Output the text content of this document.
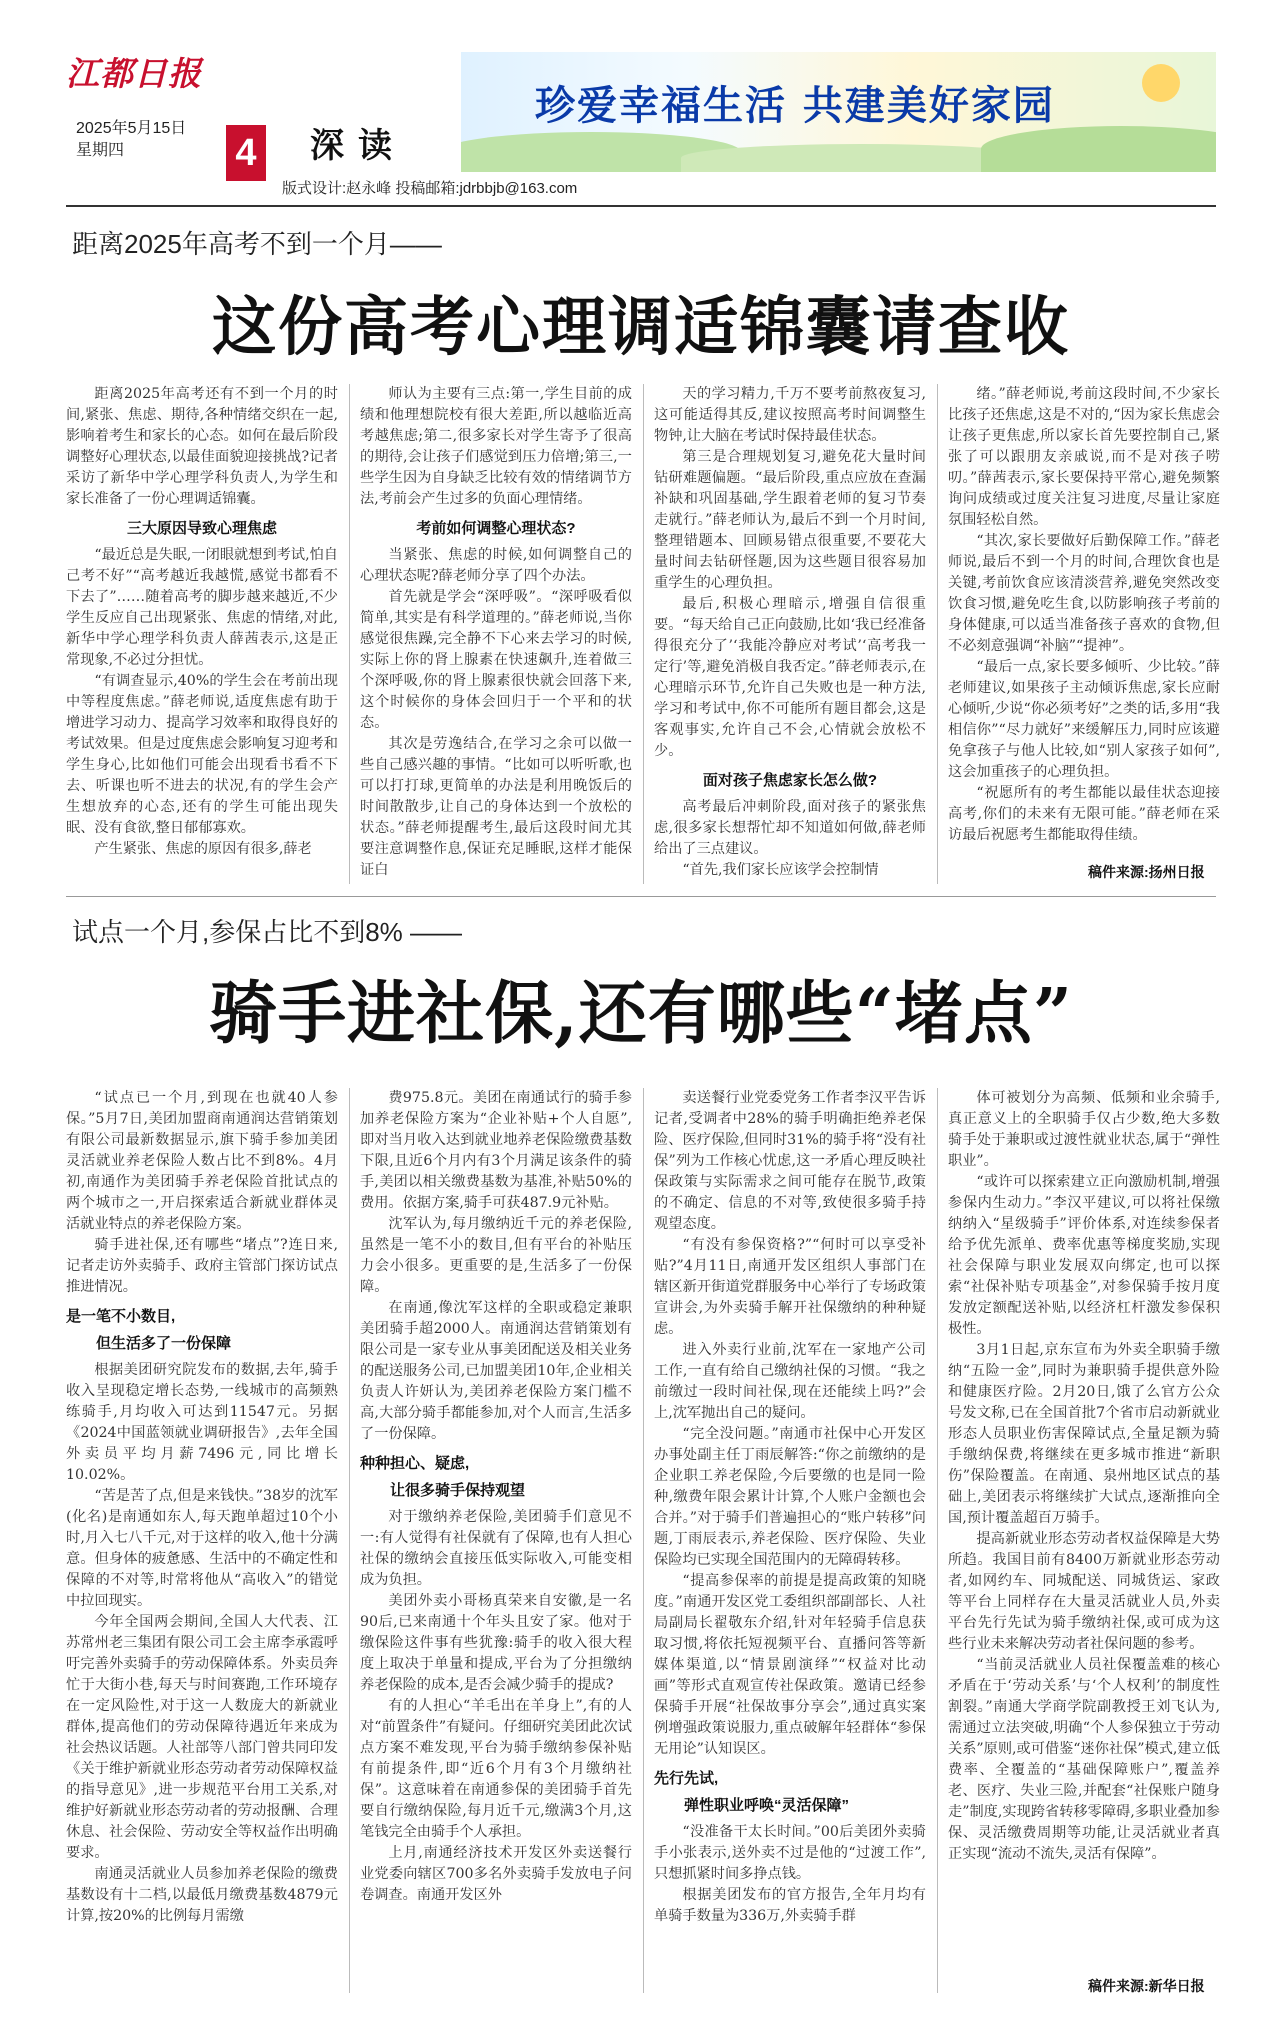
江都日报
2025年5月15日
星期四	4 深读
版式设计:赵永峰 投稿邮箱:jdrbbjb@163.com
珍爱幸福生活 共建美好家园
距离2025年高考不到一个月——
这份高考心理调适锦囊请查收

距离2025年高考还有不到一个月的时间,紧张、焦虑、期待,各种情绪交织在一起,影响着考生和家长的心态。如何在最后阶段调整好心理状态,以最佳面貌迎接挑战?记者采访了新华中学心理学科负责人,为学生和家长准备了一份心理调适锦囊。

三大原因导致心理焦虑

“最近总是失眠,一闭眼就想到考试,怕自己考不好”“高考越近我越慌,感觉书都看不下去了”……随着高考的脚步越来越近,不少学生反应自己出现紧张、焦虑的情绪,对此,新华中学心理学科负责人薛茜表示,这是正常现象,不必过分担忧。

“有调查显示,40%的学生会在考前出现中等程度焦虑。”薛老师说,适度焦虑有助于增进学习动力、提高学习效率和取得良好的考试效果。但是过度焦虑会影响复习迎考和学生身心,比如他们可能会出现看书看不下去、听课也听不进去的状况,有的学生会产生想放弃的心态,还有的学生可能出现失眠、没有食欲,整日郁郁寡欢。

产生紧张、焦虑的原因有很多,薛老

师认为主要有三点:第一,学生目前的成绩和他理想院校有很大差距,所以越临近高考越焦虑;第二,很多家长对学生寄予了很高的期待,会让孩子们感觉到压力倍增;第三,一些学生因为自身缺乏比较有效的情绪调节方法,考前会产生过多的负面心理情绪。

考前如何调整心理状态?

当紧张、焦虑的时候,如何调整自己的心理状态呢?薛老师分享了四个办法。

首先就是学会“深呼吸”。“深呼吸看似简单,其实是有科学道理的。”薛老师说,当你感觉很焦躁,完全静不下心来去学习的时候,实际上你的肾上腺素在快速飙升,连着做三个深呼吸,你的肾上腺素很快就会回落下来,这个时候你的身体会回归于一个平和的状态。

其次是劳逸结合,在学习之余可以做一些自己感兴趣的事情。“比如可以听听歌,也可以打打球,更简单的办法是利用晚饭后的时间散散步,让自己的身体达到一个放松的状态。”薛老师提醒考生,最后这段时间尤其要注意调整作息,保证充足睡眠,这样才能保证白

天的学习精力,千万不要考前熬夜复习,这可能适得其反,建议按照高考时间调整生物钟,让大脑在考试时保持最佳状态。

第三是合理规划复习,避免花大量时间钻研难题偏题。“最后阶段,重点应放在查漏补缺和巩固基础,学生跟着老师的复习节奏走就行。”薛老师认为,最后不到一个月时间,整理错题本、回顾易错点很重要,不要花大量时间去钻研怪题,因为这些题目很容易加重学生的心理负担。

最后,积极心理暗示,增强自信很重要。“每天给自己正向鼓励,比如‘我已经准备得很充分了’‘我能冷静应对考试’‘高考我一定行’等,避免消极自我否定。”薛老师表示,在心理暗示环节,允许自己失败也是一种方法,学习和考试中,你不可能所有题目都会,这是客观事实,允许自己不会,心情就会放松不少。

面对孩子焦虑家长怎么做?

高考最后冲刺阶段,面对孩子的紧张焦虑,很多家长想帮忙却不知道如何做,薛老师给出了三点建议。

“首先,我们家长应该学会控制情

绪。”薛老师说,考前这段时间,不少家长比孩子还焦虑,这是不对的,“因为家长焦虑会让孩子更焦虑,所以家长首先要控制自己,紧张了可以跟朋友亲戚说,而不是对孩子唠叨。”薛茜表示,家长要保持平常心,避免频繁询问成绩或过度关注复习进度,尽量让家庭氛围轻松自然。

“其次,家长要做好后勤保障工作。”薛老师说,最后不到一个月的时间,合理饮食也是关键,考前饮食应该清淡营养,避免突然改变饮食习惯,避免吃生食,以防影响孩子考前的身体健康,可以适当准备孩子喜欢的食物,但不必刻意强调“补脑”“提神”。

“最后一点,家长要多倾听、少比较。”薛老师建议,如果孩子主动倾诉焦虑,家长应耐心倾听,少说“你必须考好”之类的话,多用“我相信你”“尽力就好”来缓解压力,同时应该避免拿孩子与他人比较,如“别人家孩子如何”,这会加重孩子的心理负担。

“祝愿所有的考生都能以最佳状态迎接高考,你们的未来有无限可能。”薛老师在采访最后祝愿考生都能取得佳绩。

稿件来源:扬州日报
试点一个月,参保占比不到8% ——
骑手进社保,还有哪些“堵点”

“试点已一个月,到现在也就40人参保。”5月7日,美团加盟商南通润达营销策划有限公司最新数据显示,旗下骑手参加美团灵活就业养老保险人数占比不到8%。4月初,南通作为美团骑手养老保险首批试点的两个城市之一,开启探索适合新就业群体灵活就业特点的养老保险方案。

骑手进社保,还有哪些“堵点”?连日来,记者走访外卖骑手、政府主管部门探访试点推进情况。

是一笔不小数目,

但生活多了一份保障

根据美团研究院发布的数据,去年,骑手收入呈现稳定增长态势,一线城市的高频熟练骑手,月均收入可达到11547元。另据《2024中国蓝领就业调研报告》,去年全国外卖员平均月薪7496元,同比增长10.02%。

“苦是苦了点,但是来钱快。”38岁的沈军(化名)是南通如东人,每天跑单超过10个小时,月入七八千元,对于这样的收入,他十分满意。但身体的疲惫感、生活中的不确定性和保障的不对等,时常将他从“高收入”的错觉中拉回现实。

今年全国两会期间,全国人大代表、江苏常州老三集团有限公司工会主席李承霞呼吁完善外卖骑手的劳动保障体系。外卖员奔忙于大街小巷,每天与时间赛跑,工作环境存在一定风险性,对于这一人数庞大的新就业群体,提高他们的劳动保障待遇近年来成为社会热议话题。人社部等八部门曾共同印发《关于维护新就业形态劳动者劳动保障权益的指导意见》,进一步规范平台用工关系,对维护好新就业形态劳动者的劳动报酬、合理休息、社会保险、劳动安全等权益作出明确要求。

南通灵活就业人员参加养老保险的缴费基数设有十二档,以最低月缴费基数4879元计算,按20%的比例每月需缴

费975.8元。美团在南通试行的骑手参加养老保险方案为“企业补贴+个人自愿”,即对当月收入达到就业地养老保险缴费基数下限,且近6个月内有3个月满足该条件的骑手,美团以相关缴费基数为基准,补贴50%的费用。依据方案,骑手可获487.9元补贴。

沈军认为,每月缴纳近千元的养老保险,虽然是一笔不小的数目,但有平台的补贴压力会小很多。更重要的是,生活多了一份保障。

在南通,像沈军这样的全职或稳定兼职美团骑手超2000人。南通润达营销策划有限公司是一家专业从事美团配送及相关业务的配送服务公司,已加盟美团10年,企业相关负责人许妍认为,美团养老保险方案门槛不高,大部分骑手都能参加,对个人而言,生活多了一份保障。

种种担心、疑虑,

让很多骑手保持观望

对于缴纳养老保险,美团骑手们意见不一:有人觉得有社保就有了保障,也有人担心社保的缴纳会直接压低实际收入,可能变相成为负担。

美团外卖小哥杨真荣来自安徽,是一名90后,已来南通十个年头且安了家。他对于缴保险这件事有些犹豫:骑手的收入很大程度上取决于单量和提成,平台为了分担缴纳养老保险的成本,是否会减少骑手的提成?

有的人担心“羊毛出在羊身上”,有的人对“前置条件”有疑问。仔细研究美团此次试点方案不难发现,平台为骑手缴纳参保补贴有前提条件,即“近6个月有3个月缴纳社保”。这意味着在南通参保的美团骑手首先要自行缴纳保险,每月近千元,缴满3个月,这笔钱完全由骑手个人承担。

上月,南通经济技术开发区外卖送餐行业党委向辖区700多名外卖骑手发放电子问卷调查。南通开发区外

卖送餐行业党委党务工作者李汉平告诉记者,受调者中28%的骑手明确拒绝养老保险、医疗保险,但同时31%的骑手将“没有社保”列为工作核心忧虑,这一矛盾心理反映社保政策与实际需求之间可能存在脱节,政策的不确定、信息的不对等,致使很多骑手持观望态度。

“有没有参保资格?”“何时可以享受补贴?”4月11日,南通开发区组织人事部门在辖区新开街道党群服务中心举行了专场政策宣讲会,为外卖骑手解开社保缴纳的种种疑虑。

进入外卖行业前,沈军在一家地产公司工作,一直有给自己缴纳社保的习惯。“我之前缴过一段时间社保,现在还能续上吗?”会上,沈军抛出自己的疑问。

“完全没问题。”南通市社保中心开发区办事处副主任丁雨辰解答:“你之前缴纳的是企业职工养老保险,今后要缴的也是同一险种,缴费年限会累计计算,个人账户金额也会合并。”对于骑手们普遍担心的“账户转移”问题,丁雨辰表示,养老保险、医疗保险、失业保险均已实现全国范围内的无障碍转移。

“提高参保率的前提是提高政策的知晓度。”南通开发区党工委组织部副部长、人社局副局长翟敬东介绍,针对年轻骑手信息获取习惯,将依托短视频平台、直播问答等新媒体渠道,以“情景剧演绎”“权益对比动画”等形式直观宣传社保政策。邀请已经参保骑手开展“社保故事分享会”,通过真实案例增强政策说服力,重点破解年轻群体“参保无用论”认知误区。

先行先试,

弹性职业呼唤“灵活保障”

“没准备干太长时间。”00后美团外卖骑手小张表示,送外卖不过是他的“过渡工作”,只想抓紧时间多挣点钱。

根据美团发布的官方报告,全年月均有单骑手数量为336万,外卖骑手群

体可被划分为高频、低频和业余骑手,真正意义上的全职骑手仅占少数,绝大多数骑手处于兼职或过渡性就业状态,属于“弹性职业”。

“或许可以探索建立正向激励机制,增强参保内生动力。”李汉平建议,可以将社保缴纳纳入“星级骑手”评价体系,对连续参保者给予优先派单、费率优惠等梯度奖励,实现社会保障与职业发展双向绑定,也可以探索“社保补贴专项基金”,对参保骑手按月度发放定额配送补贴,以经济杠杆激发参保积极性。

3月1日起,京东宣布为外卖全职骑手缴纳“五险一金”,同时为兼职骑手提供意外险和健康医疗险。2月20日,饿了么官方公众号发文称,已在全国首批7个省市启动新就业形态人员职业伤害保障试点,全量足额为骑手缴纳保费,将继续在更多城市推进“新职伤”保险覆盖。在南通、泉州地区试点的基础上,美团表示将继续扩大试点,逐渐推向全国,预计覆盖超百万骑手。

提高新就业形态劳动者权益保障是大势所趋。我国目前有8400万新就业形态劳动者,如网约车、同城配送、同城货运、家政等平台上同样存在大量灵活就业人员,外卖平台先行先试为骑手缴纳社保,或可成为这些行业未来解决劳动者社保问题的参考。

“当前灵活就业人员社保覆盖难的核心矛盾在于‘劳动关系’与‘个人权利’的制度性割裂。”南通大学商学院副教授王刘飞认为,需通过立法突破,明确“个人参保独立于劳动关系”原则,或可借鉴“迷你社保”模式,建立低费率、全覆盖的“基础保障账户”,覆盖养老、医疗、失业三险,并配套“社保账户随身走”制度,实现跨省转移零障碍,多职业叠加参保、灵活缴费周期等功能,让灵活就业者真正实现“流动不流失,灵活有保障”。

稿件来源:新华日报
